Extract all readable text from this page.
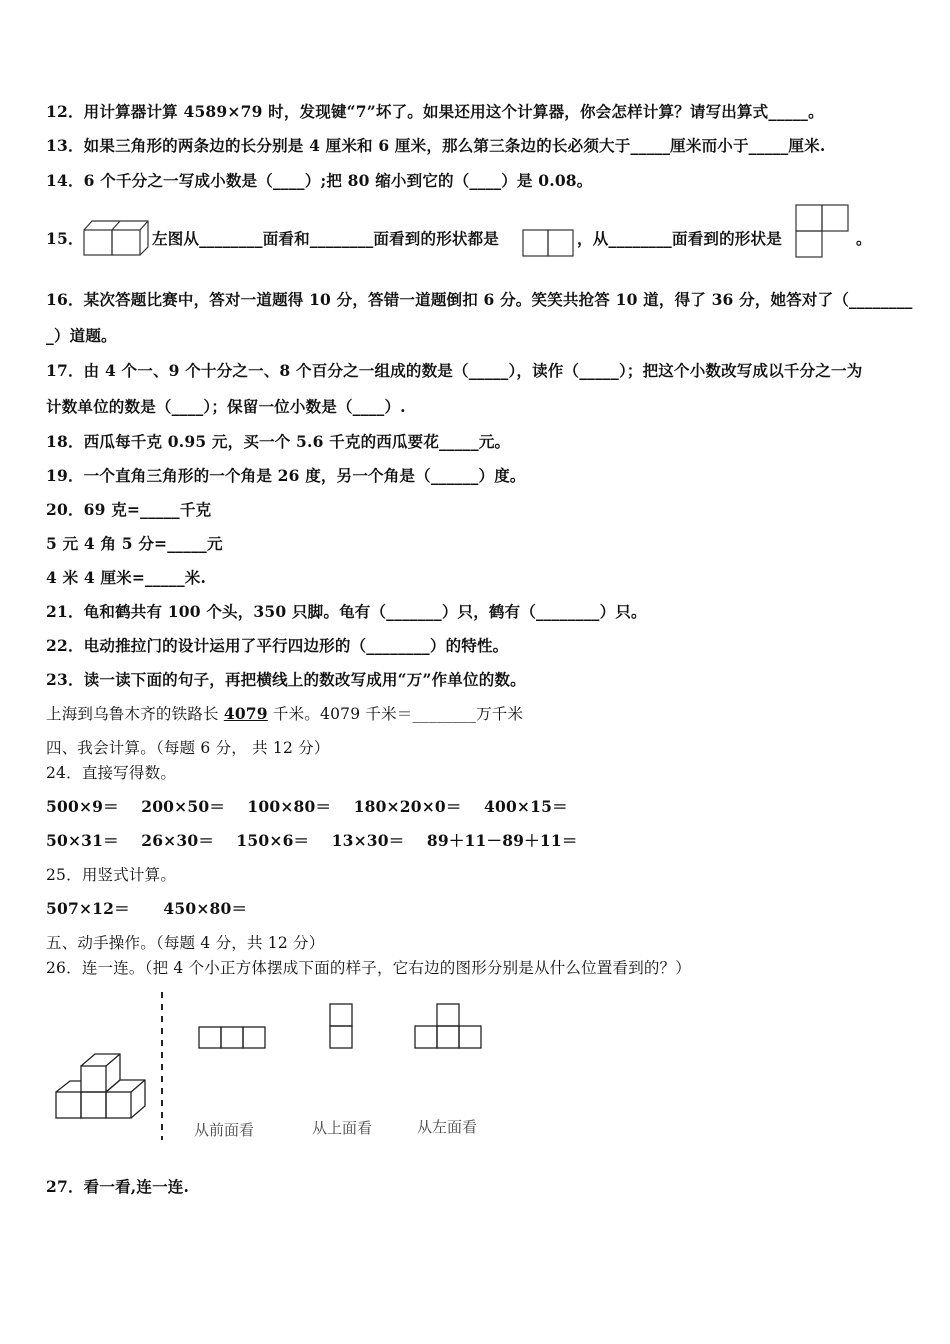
12．用计算器计算 4589×79 时，发现键“7”坏了。如果还用这个计算器，你会怎样计算？请写出算式_____。
13．如果三角形的两条边的长分别是 4 厘米和 6 厘米，那么第三条边的长必须大于_____厘米而小于_____厘米.
14．6 个千分之一写成小数是（____）;把 80 缩小到它的（____）是 0.08。
15．	左图从________面看和________面看到的形状都是	，从________面看到的形状是	。
16．某次答题比赛中，答对一道题得 10 分，答错一道题倒扣 6 分。笑笑共抢答 10 道，得了 36 分，她答对了（________
_）道题。
17．由 4 个一、9 个十分之一、8 个百分之一组成的数是（_____），读作（_____）；把这个小数改写成以千分之一为
计数单位的数是（____）；保留一位小数是（____）.
18．西瓜每千克 0.95 元，买一个 5.6 千克的西瓜要花_____元。
19．一个直角三角形的一个角是 26 度，另一个角是（______）度。
20．69 克=_____千克
5 元 4 角 5 分=_____元
4 米 4 厘米=_____米.
21．龟和鹤共有 100 个头，350 只脚。龟有（_______）只，鹤有（________）只。
22．电动推拉门的设计运用了平行四边形的（________）的特性。
23．读一读下面的句子，再把横线上的数改写成用“万”作单位的数。
上海到乌鲁木齐的铁路长 4079 千米。4079 千米＝________万千米
四、我会计算。（每题 6 分， 共 12 分）
24．直接写得数。
500×9＝    200×50＝    100×80＝    180×20×0＝    400×15＝
50×31＝    26×30＝    150×6＝    13×30＝    89＋11－89＋11＝
25．用竖式计算。
507×12＝      450×80＝
五、动手操作。（每题 4 分，共 12 分）
26．连一连。（把 4 个小正方体摆成下面的样子，它右边的图形分别是从什么位置看到的？）
从前面看	从上面看	从左面看
27．看一看,连一连.
